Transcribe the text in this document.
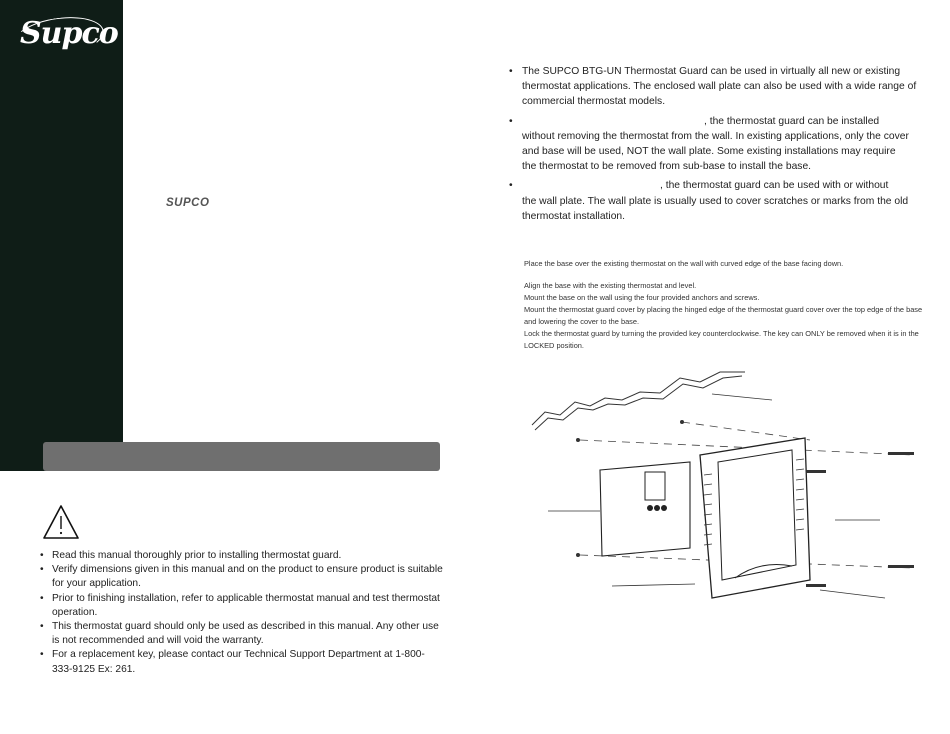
Supco
SUPCO
• Read this manual thoroughly prior to installing thermostat guard.
• Verify dimensions given in this manual and on the product to ensure product is suitable for your application.
• Prior to finishing installation, refer to applicable thermostat manual and test thermostat operation.
• This thermostat guard should only be used as described in this manual. Any other use is not recommended and will void the warranty.
• For a replacement key, please contact our Technical Support Department at 1-800-333-9125 Ex: 261.
• The SUPCO BTG-UN Thermostat Guard can be used in virtually all new or existing
thermostat applications. The enclosed wall plate can also be used with a wide range of
commercial thermostat models.
• , the thermostat guard can be installed
without removing the thermostat from the wall. In existing applications, only the cover
and base will be used, NOT the wall plate. Some existing installations may require
the thermostat to be removed from sub-base to install the base.
• , the thermostat guard can be used with or without
the wall plate. The wall plate is usually used to cover scratches or marks from the old
thermostat installation.
Place the base over the existing thermostat on the wall with curved edge of the base facing down.
Align the base with the existing thermostat and level.
Mount the base on the wall using the four provided anchors and screws.
Mount the thermostat guard cover by placing the hinged edge of the thermostat guard cover over the top edge of the base and lowering the cover to the base.
Lock the thermostat guard by turning the provided key counterclockwise. The key can ONLY be removed when it is in the LOCKED position.
